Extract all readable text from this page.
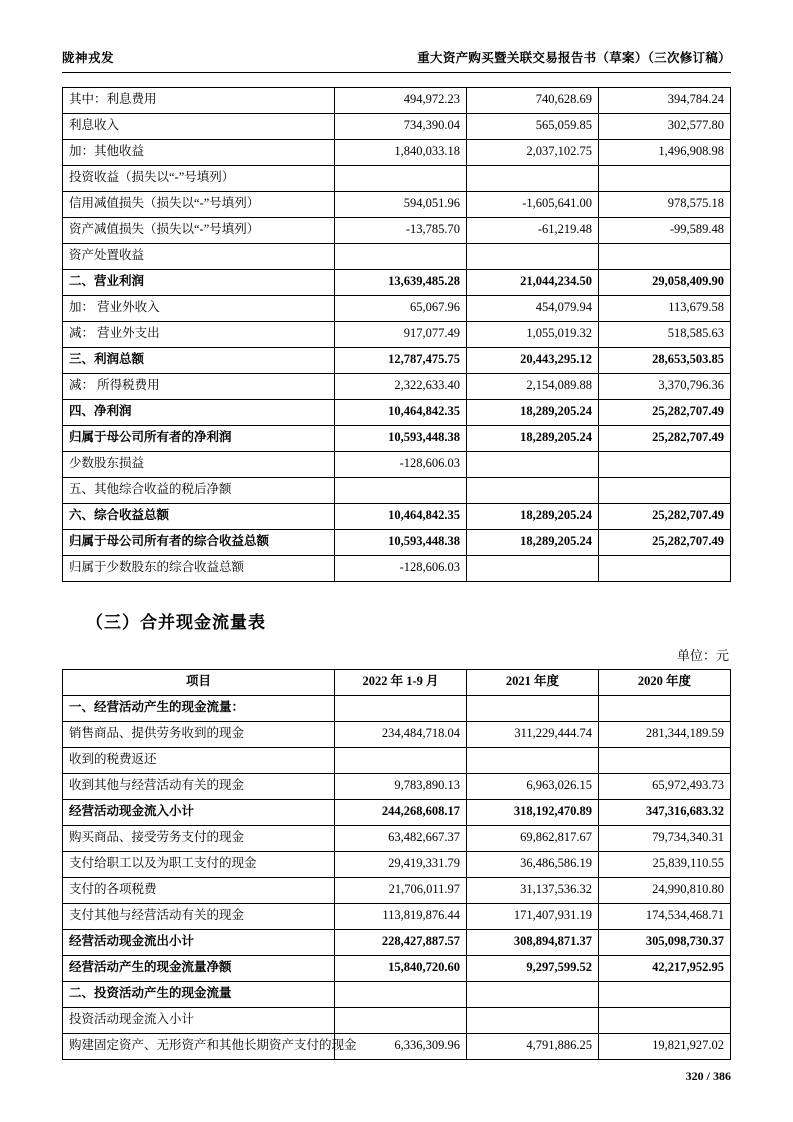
陇神戎发	重大资产购买暨关联交易报告书（草案）（三次修订稿）
其中：利息费用	494,972.23	740,628.69	394,784.24
利息收入	734,390.04	565,059.85	302,577.80
加：其他收益	1,840,033.18	2,037,102.75	1,496,908.98
投资收益（损失以“-”号填列）			
信用减值损失（损失以“-”号填列）	594,051.96	-1,605,641.00	978,575.18
资产减值损失（损失以“-”号填列）	-13,785.70	-61,219.48	-99,589.48
资产处置收益			
二、营业利润	13,639,485.28	21,044,234.50	29,058,409.90
加： 营业外收入	65,067.96	454,079.94	113,679.58
减： 营业外支出	917,077.49	1,055,019.32	518,585.63
三、利润总额	12,787,475.75	20,443,295.12	28,653,503.85
减： 所得税费用	2,322,633.40	2,154,089.88	3,370,796.36
四、净利润	10,464,842.35	18,289,205.24	25,282,707.49
归属于母公司所有者的净利润	10,593,448.38	18,289,205.24	25,282,707.49
少数股东损益	-128,606.03		
五、其他综合收益的税后净额			
六、综合收益总额	10,464,842.35	18,289,205.24	25,282,707.49
归属于母公司所有者的综合收益总额	10,593,448.38	18,289,205.24	25,282,707.49
归属于少数股东的综合收益总额	-128,606.03		
（三）合并现金流量表
单位：元
项目	2022 年 1-9 月	2021 年度	2020 年度
一、经营活动产生的现金流量：			
销售商品、提供劳务收到的现金	234,484,718.04	311,229,444.74	281,344,189.59
收到的税费返还			
收到其他与经营活动有关的现金	9,783,890.13	6,963,026.15	65,972,493.73
经营活动现金流入小计	244,268,608.17	318,192,470.89	347,316,683.32
购买商品、接受劳务支付的现金	63,482,667.37	69,862,817.67	79,734,340.31
支付给职工以及为职工支付的现金	29,419,331.79	36,486,586.19	25,839,110.55
支付的各项税费	21,706,011.97	31,137,536.32	24,990,810.80
支付其他与经营活动有关的现金	113,819,876.44	171,407,931.19	174,534,468.71
经营活动现金流出小计	228,427,887.57	308,894,871.37	305,098,730.37
经营活动产生的现金流量净额	15,840,720.60	9,297,599.52	42,217,952.95
二、投资活动产生的现金流量			
投资活动现金流入小计			
购建固定资产、无形资产和其他长期资产支付的现金	6,336,309.96	4,791,886.25	19,821,927.02
320 / 386
